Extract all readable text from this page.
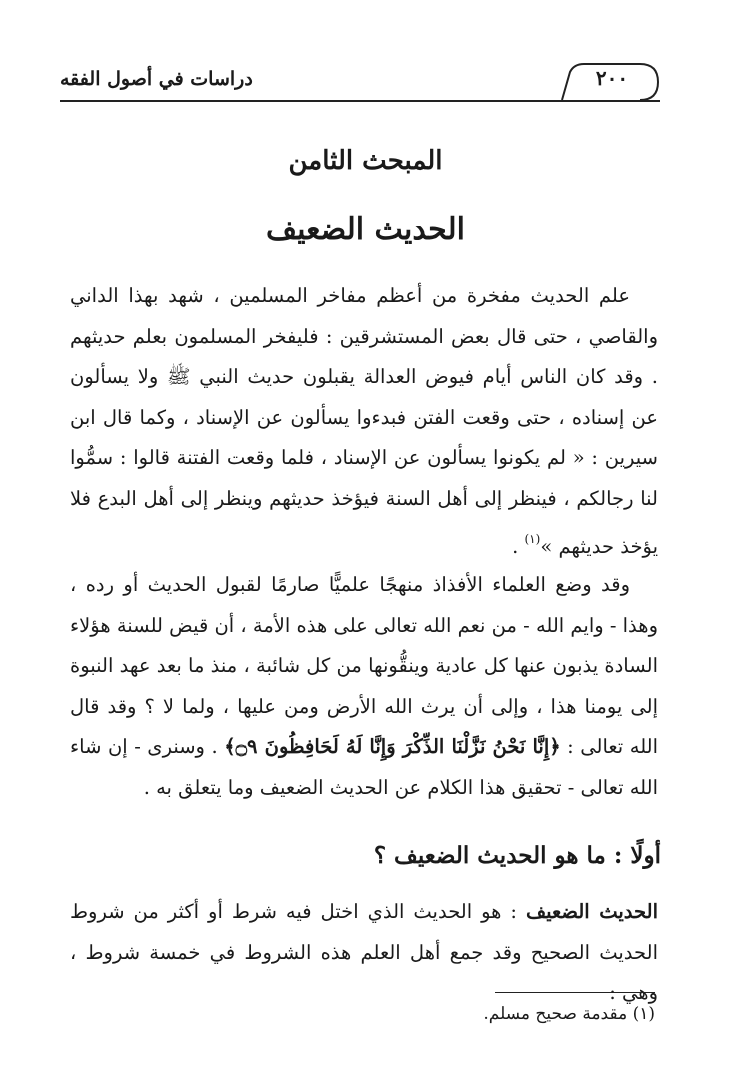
٢٠٠
دراسات في أصول الفقه
المبحث الثامن
الحديث الضعيف
علم الحديث مفخرة من أعظم مفاخر المسلمين ، شهد بهذا الداني والقاصي ، حتى قال بعض المستشرقين : فليفخر المسلمون بعلم حديثهم . وقد كان الناس أيام فيوض العدالة يقبلون حديث النبي ﷺ ولا يسألون عن إسناده ، حتى وقعت الفتن فبدءوا يسألون عن الإسناد ، وكما قال ابن سيرين : « لم يكونوا يسألون عن الإسناد ، فلما وقعت الفتنة قالوا : سمُّوا لنا رجالكم ، فينظر إلى أهل السنة فيؤخذ حديثهم وينظر إلى أهل البدع فلا يؤخذ حديثهم »$^{(١)}$ .
وقد وضع العلماء الأفذاذ منهجًا علميًّا صارمًا لقبول الحديث أو رده ، وهذا - وايم الله - من نعم الله تعالى على هذه الأمة ، أن قيض للسنة هؤلاء السادة يذبون عنها كل عادية وينقُّونها من كل شائبة ، منذ ما بعد عهد النبوة إلى يومنا هذا ، وإلى أن يرث الله الأرض ومن عليها ، ولما لا ؟ وقد قال الله تعالى : ﴿إِنَّا نَحْنُ نَزَّلْنَا الذِّكْرَ وَإِنَّا لَهُ لَحَافِظُونَ ۝٩﴾ . وسنرى - إن شاء الله تعالى - تحقيق هذا الكلام عن الحديث الضعيف وما يتعلق به .
أولًا : ما هو الحديث الضعيف ؟
الحديث الضعيف : هو الحديث الذي اختل فيه شرط أو أكثر من شروط الحديث الصحيح وقد جمع أهل العلم هذه الشروط في خمسة شروط ، وهي :
(١) مقدمة صحيح مسلم.
